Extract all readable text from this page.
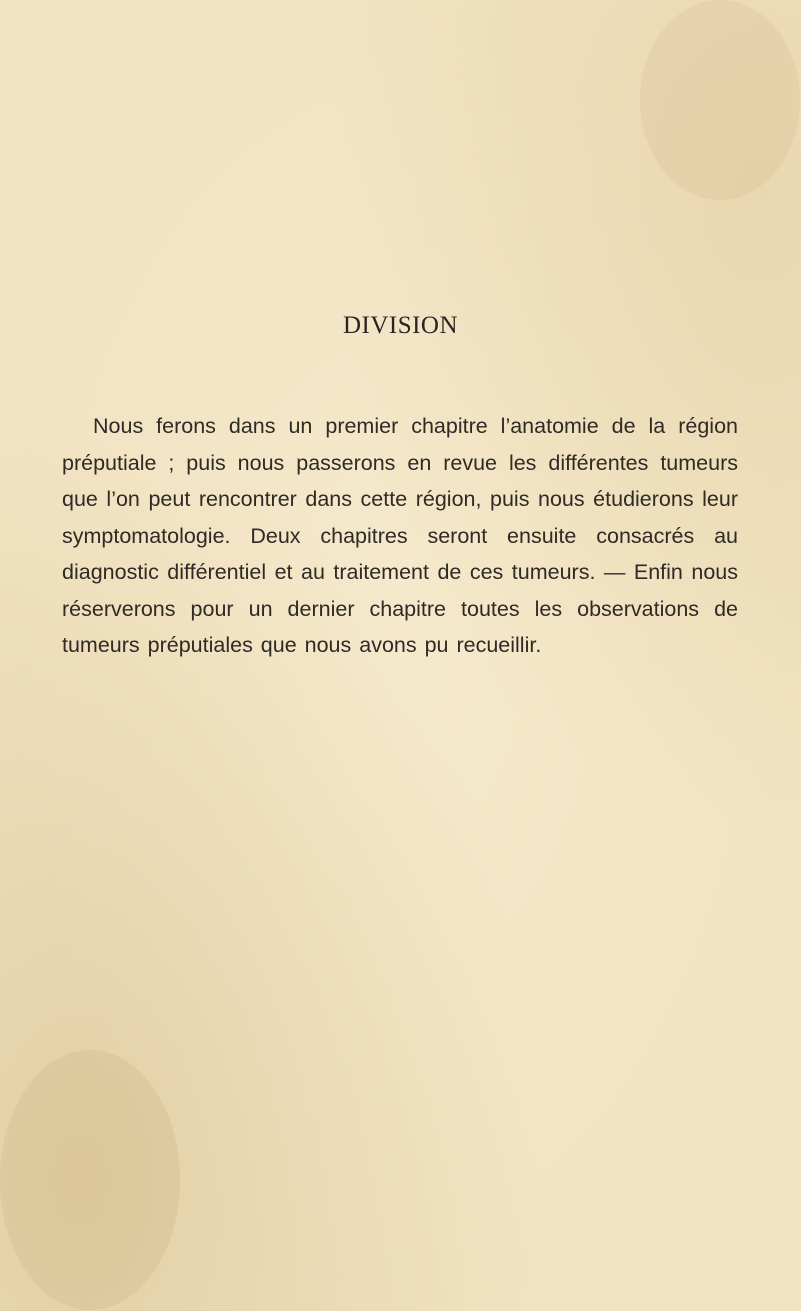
DIVISION

Nous ferons dans un premier chapitre l’anatomie de la région préputiale ; puis nous passerons en revue les différentes tumeurs que l’on peut rencontrer dans cette région, puis nous étudierons leur symptomatologie. Deux chapitres seront ensuite consacrés au diagnostic différentiel et au traitement de ces tumeurs. — Enfin nous réserverons pour un dernier chapitre toutes les observations de tumeurs préputiales que nous avons pu recueillir.
